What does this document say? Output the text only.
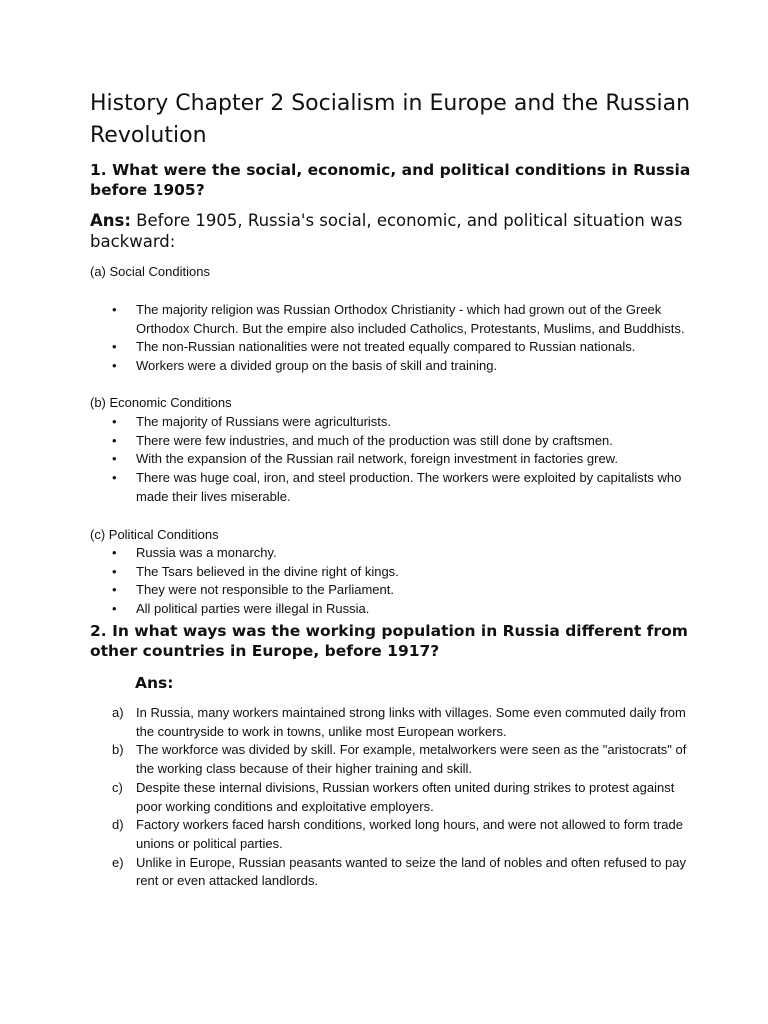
History Chapter 2 Socialism in Europe and the Russian Revolution

1. What were the social, economic, and political conditions in Russia before 1905?

Ans: Before 1905, Russia's social, economic, and political situation was backward:

(a) Social Conditions

• The majority religion was Russian Orthodox Christianity - which had grown out of the Greek Orthodox Church. But the empire also included Catholics, Protestants, Muslims, and Buddhists.
• The non-Russian nationalities were not treated equally compared to Russian nationals.
• Workers were a divided group on the basis of skill and training.

(b) Economic Conditions

• The majority of Russians were agriculturists.
• There were few industries, and much of the production was still done by craftsmen.
• With the expansion of the Russian rail network, foreign investment in factories grew.
• There was huge coal, iron, and steel production. The workers were exploited by capitalists who made their lives miserable.

(c) Political Conditions

• Russia was a monarchy.
• The Tsars believed in the divine right of kings.
• They were not responsible to the Parliament.
• All political parties were illegal in Russia.

2. In what ways was the working population in Russia different from other countries in Europe, before 1917?

Ans:

a) In Russia, many workers maintained strong links with villages. Some even commuted daily from the countryside to work in towns, unlike most European workers.
b) The workforce was divided by skill. For example, metalworkers were seen as the "aristocrats" of the working class because of their higher training and skill.
c) Despite these internal divisions, Russian workers often united during strikes to protest against poor working conditions and exploitative employers.
d) Factory workers faced harsh conditions, worked long hours, and were not allowed to form trade unions or political parties.
e) Unlike in Europe, Russian peasants wanted to seize the land of nobles and often refused to pay rent or even attacked landlords.
